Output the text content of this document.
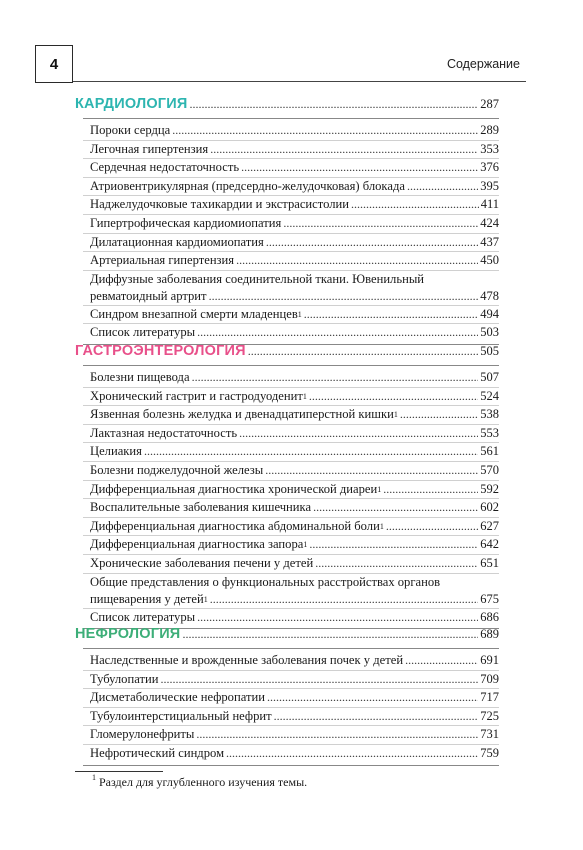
4	Содержание
КАРДИОЛОГИЯ .....	287
Пороки сердца .....	289
Легочная гипертензия .....	353
Сердечная недостаточность .....	376
Атриовентрикулярная (предсердно-желудочковая) блокада .....	395
Наджелудочковые тахикардии и экстрасистолии .....	411
Гипертрофическая кардиомиопатия .....	424
Дилатационная кардиомиопатия .....	437
Артериальная гипертензия .....	450
Диффузные заболевания соединительной ткани. Ювенильный
ревматоидный артрит .....	478
Синдром внезапной смерти младенцев$^1$ .....	494
Список литературы .....	503
ГАСТРОЭНТЕРОЛОГИЯ .....	505
Болезни пищевода .....	507
Хронический гастрит и гастродуоденит$^1$ .....	524
Язвенная болезнь желудка и двенадцатиперстной кишки$^1$ .....	538
Лактазная недостаточность .....	553
Целиакия .....	561
Болезни поджелудочной железы .....	570
Дифференциальная диагностика хронической диареи$^1$ .....	592
Воспалительные заболевания кишечника .....	602
Дифференциальная диагностика абдоминальной боли$^1$ .....	627
Дифференциальная диагностика запора$^1$ .....	642
Хронические заболевания печени у детей .....	651
Общие представления о функциональных расстройствах органов
пищеварения у детей$^1$ .....	675
Список литературы .....	686
НЕФРОЛОГИЯ .....	689
Наследственные и врожденные заболевания почек у детей .....	691
Тубулопатии .....	709
Дисметаболические нефропатии .....	717
Тубулоинтерстициальный нефрит .....	725
Гломерулонефриты .....	731
Нефротический синдром .....	759
$^1$ Раздел для углубленного изучения темы.
